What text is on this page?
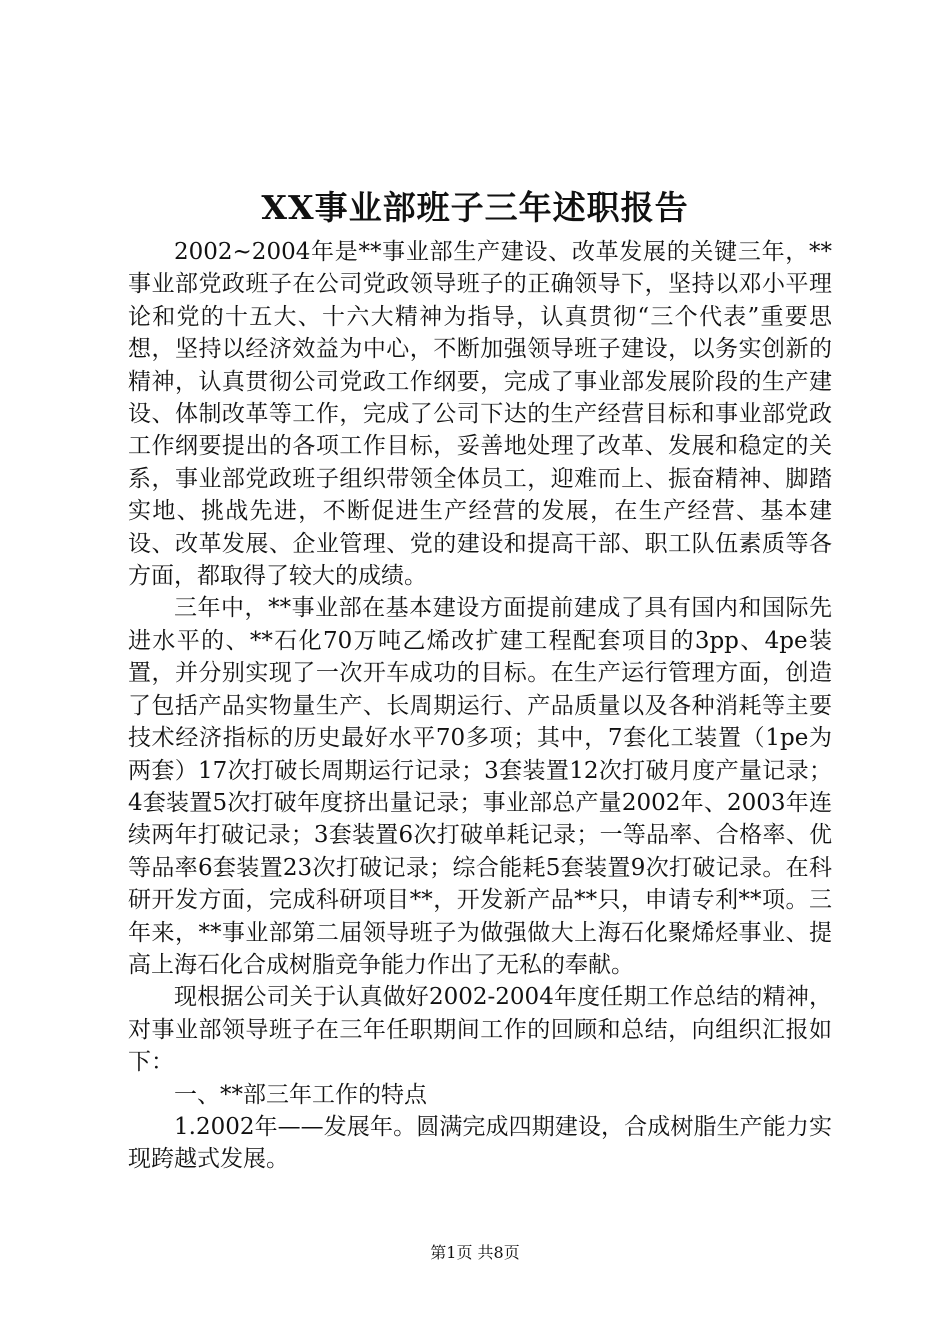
XX事业部班子三年述职报告

2002~2004年是**事业部生产建设、改革发展的关键三年，**事业部党政班子在公司党政领导班子的正确领导下，坚持以邓小平理论和党的十五大、十六大精神为指导，认真贯彻“三个代表”重要思想，坚持以经济效益为中心，不断加强领导班子建设，以务实创新的精神，认真贯彻公司党政工作纲要，完成了事业部发展阶段的生产建设、体制改革等工作，完成了公司下达的生产经营目标和事业部党政工作纲要提出的各项工作目标，妥善地处理了改革、发展和稳定的关系，事业部党政班子组织带领全体员工，迎难而上、振奋精神、脚踏实地、挑战先进，不断促进生产经营的发展，在生产经营、基本建设、改革发展、企业管理、党的建设和提高干部、职工队伍素质等各方面，都取得了较大的成绩。

三年中，**事业部在基本建设方面提前建成了具有国内和国际先进水平的、**石化70万吨乙烯改扩建工程配套项目的3pp、4pe装置，并分别实现了一次开车成功的目标。在生产运行管理方面，创造了包括产品实物量生产、长周期运行、产品质量以及各种消耗等主要技术经济指标的历史最好水平70多项；其中，7套化工装置（1pe为两套）17次打破长周期运行记录；3套装置12次打破月度产量记录；4套装置5次打破年度挤出量记录；事业部总产量2002年、2003年连续两年打破记录；3套装置6次打破单耗记录；一等品率、合格率、优等品率6套装置23次打破记录；综合能耗5套装置9次打破记录。在科研开发方面，完成科研项目**，开发新产品**只，申请专利**项。三年来，**事业部第二届领导班子为做强做大上海石化聚烯烃事业、提高上海石化合成树脂竞争能力作出了无私的奉献。

现根据公司关于认真做好2002-2004年度任期工作总结的精神，对事业部领导班子在三年任职期间工作的回顾和总结，向组织汇报如下：

一、**部三年工作的特点

1.2002年——发展年。圆满完成四期建设，合成树脂生产能力实现跨越式发展。

第1页 共8页
